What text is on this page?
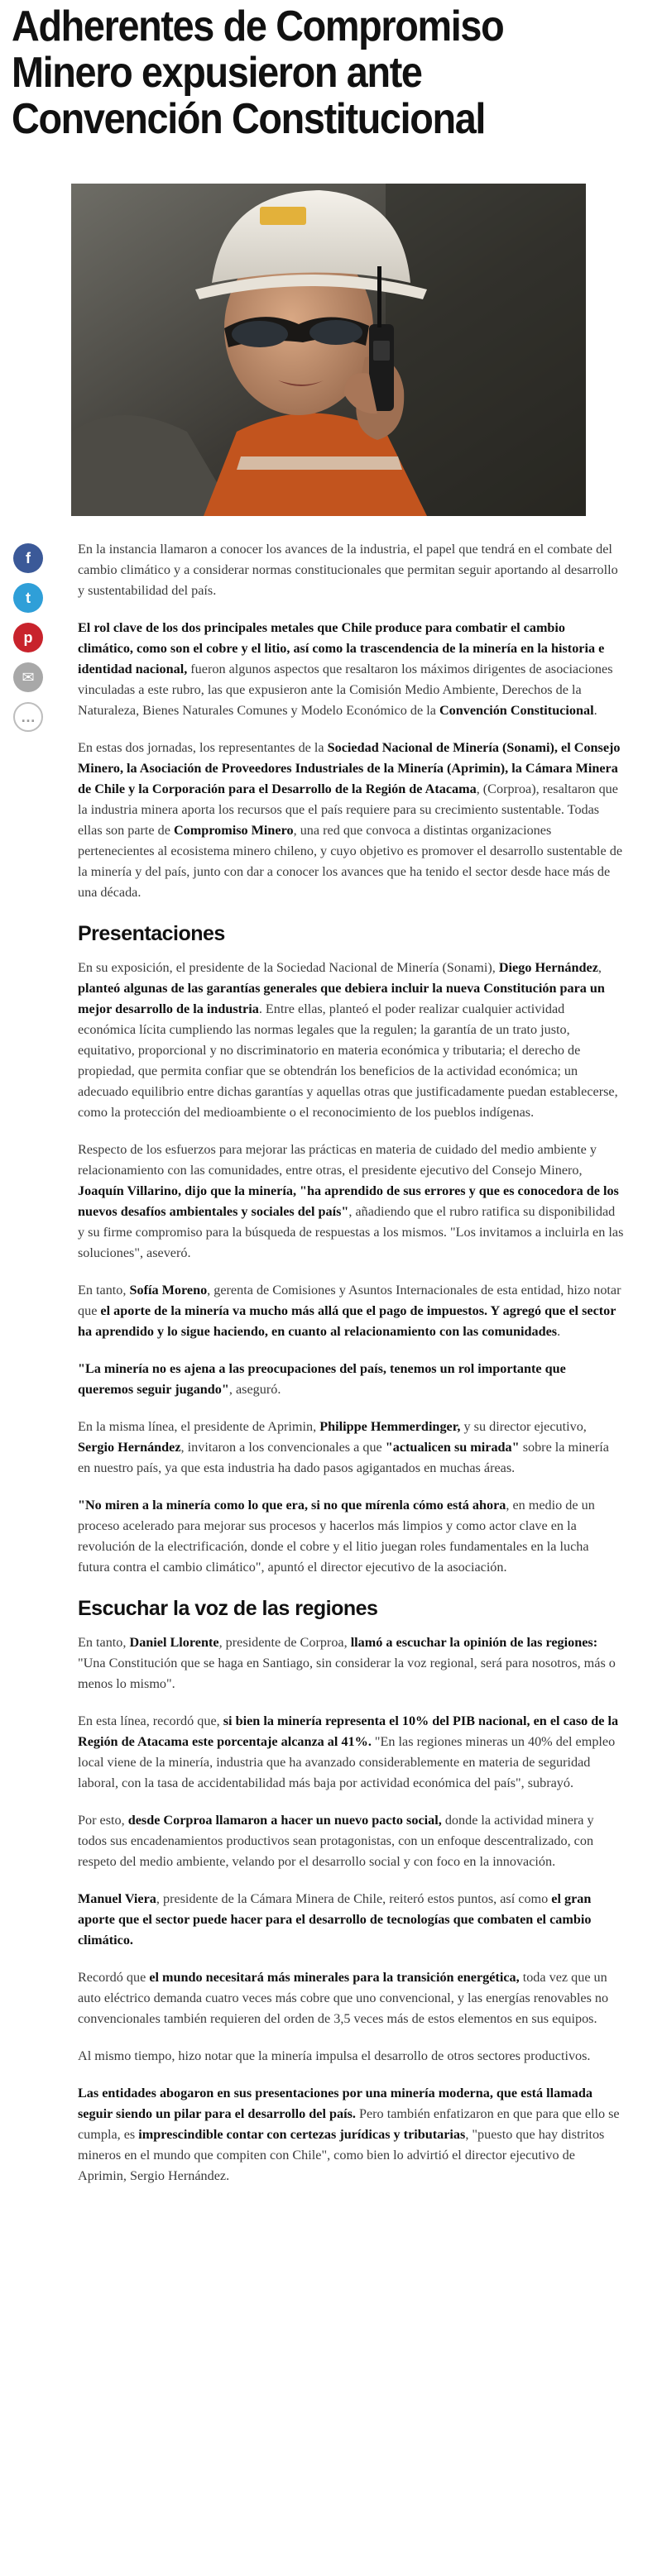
Adherentes de Compromiso Minero expusieron ante Convención Constitucional
f
t
p
✉
…

En la instancia llamaron a conocer los avances de la industria, el papel que tendrá en el combate del cambio climático y a considerar normas constitucionales que permitan seguir aportando al desarrollo y sustentabilidad del país.

El rol clave de los dos principales metales que Chile produce para combatir el cambio climático, como son el cobre y el litio, así como la trascendencia de la minería en la historia e identidad nacional, fueron algunos aspectos que resaltaron los máximos dirigentes de asociaciones vinculadas a este rubro, las que expusieron ante la Comisión Medio Ambiente, Derechos de la Naturaleza, Bienes Naturales Comunes y Modelo Económico de la Convención Constitucional.

En estas dos jornadas, los representantes de la Sociedad Nacional de Minería (Sonami), el Consejo Minero, la Asociación de Proveedores Industriales de la Minería (Aprimin), la Cámara Minera de Chile y la Corporación para el Desarrollo de la Región de Atacama, (Corproa), resaltaron que la industria minera aporta los recursos que el país requiere para su crecimiento sustentable. Todas ellas son parte de Compromiso Minero, una red que convoca a distintas organizaciones pertenecientes al ecosistema minero chileno, y cuyo objetivo es promover el desarrollo sustentable de la minería y del país, junto con dar a conocer los avances que ha tenido el sector desde hace más de una década.

Presentaciones

En su exposición, el presidente de la Sociedad Nacional de Minería (Sonami), Diego Hernández, planteó algunas de las garantías generales que debiera incluir la nueva Constitución para un mejor desarrollo de la industria. Entre ellas, planteó el poder realizar cualquier actividad económica lícita cumpliendo las normas legales que la regulen; la garantía de un trato justo, equitativo, proporcional y no discriminatorio en materia económica y tributaria; el derecho de propiedad, que permita confiar que se obtendrán los beneficios de la actividad económica; un adecuado equilibrio entre dichas garantías y aquellas otras que justificadamente puedan establecerse, como la protección del medioambiente o el reconocimiento de los pueblos indígenas.

Respecto de los esfuerzos para mejorar las prácticas en materia de cuidado del medio ambiente y relacionamiento con las comunidades, entre otras, el presidente ejecutivo del Consejo Minero, Joaquín Villarino, dijo que la minería, "ha aprendido de sus errores y que es conocedora de los nuevos desafíos ambientales y sociales del país", añadiendo que el rubro ratifica su disponibilidad y su firme compromiso para la búsqueda de respuestas a los mismos. "Los invitamos a incluirla en las soluciones", aseveró.

En tanto, Sofía Moreno, gerenta de Comisiones y Asuntos Internacionales de esta entidad, hizo notar que el aporte de la minería va mucho más allá que el pago de impuestos. Y agregó que el sector ha aprendido y lo sigue haciendo, en cuanto al relacionamiento con las comunidades.

"La minería no es ajena a las preocupaciones del país, tenemos un rol importante que queremos seguir jugando", aseguró.

En la misma línea, el presidente de Aprimin, Philippe Hemmerdinger, y su director ejecutivo, Sergio Hernández, invitaron a los convencionales a que "actualicen su mirada" sobre la minería en nuestro país, ya que esta industria ha dado pasos agigantados en muchas áreas.

"No miren a la minería como lo que era, si no que mírenla cómo está ahora, en medio de un proceso acelerado para mejorar sus procesos y hacerlos más limpios y como actor clave en la revolución de la electrificación, donde el cobre y el litio juegan roles fundamentales en la lucha futura contra el cambio climático", apuntó el director ejecutivo de la asociación.

Escuchar la voz de las regiones

En tanto, Daniel Llorente, presidente de Corproa, llamó a escuchar la opinión de las regiones: "Una Constitución que se haga en Santiago, sin considerar la voz regional, será para nosotros, más o menos lo mismo".

En esta línea, recordó que, si bien la minería representa el 10% del PIB nacional, en el caso de la Región de Atacama este porcentaje alcanza al 41%. "En las regiones mineras un 40% del empleo local viene de la minería, industria que ha avanzado considerablemente en materia de seguridad laboral, con la tasa de accidentabilidad más baja por actividad económica del país", subrayó.

Por esto, desde Corproa llamaron a hacer un nuevo pacto social, donde la actividad minera y todos sus encadenamientos productivos sean protagonistas, con un enfoque descentralizado, con respeto del medio ambiente, velando por el desarrollo social y con foco en la innovación.

Manuel Viera, presidente de la Cámara Minera de Chile, reiteró estos puntos, así como el gran aporte que el sector puede hacer para el desarrollo de tecnologías que combaten el cambio climático.

Recordó que el mundo necesitará más minerales para la transición energética, toda vez que un auto eléctrico demanda cuatro veces más cobre que uno convencional, y las energías renovables no convencionales también requieren del orden de 3,5 veces más de estos elementos en sus equipos.

Al mismo tiempo, hizo notar que la minería impulsa el desarrollo de otros sectores productivos.

Las entidades abogaron en sus presentaciones por una minería moderna, que está llamada seguir siendo un pilar para el desarrollo del país. Pero también enfatizaron en que para que ello se cumpla, es imprescindible contar con certezas jurídicas y tributarias, "puesto que hay distritos mineros en el mundo que compiten con Chile", como bien lo advirtió el director ejecutivo de Aprimin, Sergio Hernández.
